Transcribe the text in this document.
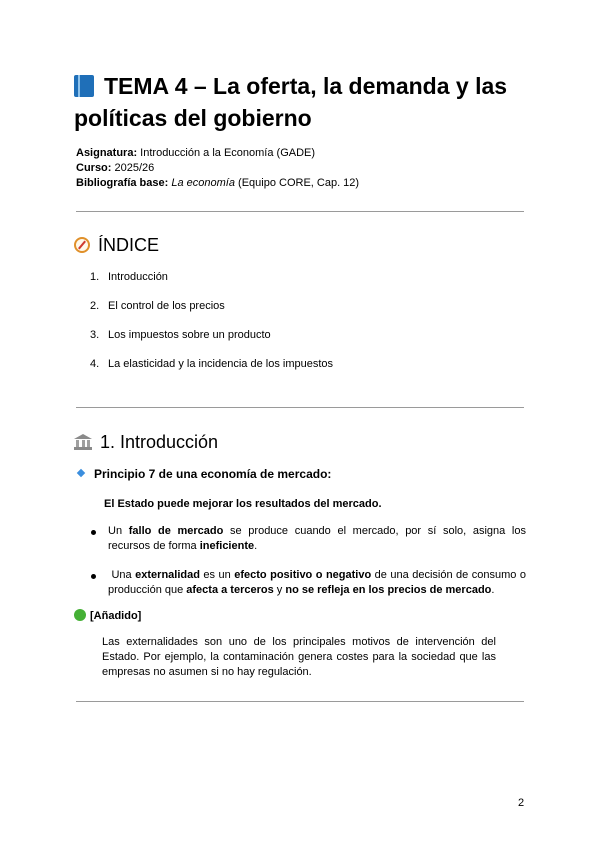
TEMA 4 – La oferta, la demanda y las políticas del gobierno
Asignatura: Introducción a la Economía (GADE)
Curso: 2025/26
Bibliografía base: La economía (Equipo CORE, Cap. 12)
ÍNDICE
1. Introducción
2. El control de los precios
3. Los impuestos sobre un producto
4. La elasticidad y la incidencia de los impuestos
1. Introducción
Principio 7 de una economía de mercado:
El Estado puede mejorar los resultados del mercado.
Un fallo de mercado se produce cuando el mercado, por sí solo, asigna los
recursos de forma ineficiente.
Una externalidad es un efecto positivo o negativo de una decisión de consumo o
producción que afecta a terceros y no se refleja en los precios de mercado.
[Añadido]
Las externalidades son uno de los principales motivos de intervención del
Estado. Por ejemplo, la contaminación genera costes para la sociedad que las
empresas no asumen si no hay regulación.
2
